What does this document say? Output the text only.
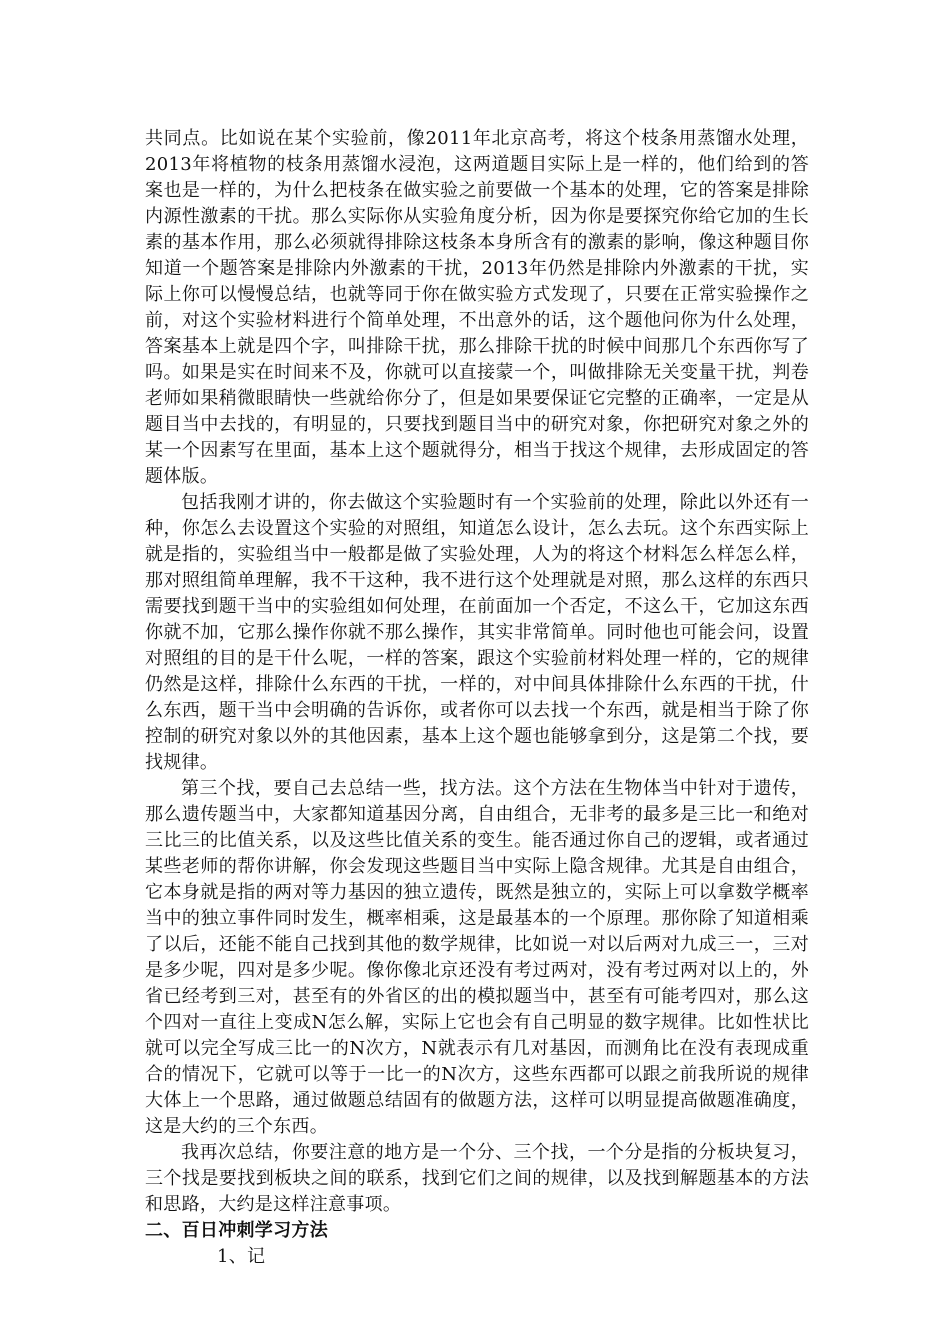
共同点。比如说在某个实验前，像2011年北京高考，将这个枝条用蒸馏水处理，2013年将植物的枝条用蒸馏水浸泡，这两道题目实际上是一样的，他们给到的答案也是一样的，为什么把枝条在做实验之前要做一个基本的处理，它的答案是排除内源性激素的干扰。那么实际你从实验角度分析，因为你是要探究你给它加的生长素的基本作用，那么必须就得排除这枝条本身所含有的激素的影响，像这种题目你知道一个题答案是排除内外激素的干扰，2013年仍然是排除内外激素的干扰，实际上你可以慢慢总结，也就等同于你在做实验方式发现了，只要在正常实验操作之前，对这个实验材料进行个简单处理，不出意外的话，这个题他问你为什么处理，答案基本上就是四个字，叫排除干扰，那么排除干扰的时候中间那几个东西你写了吗。如果是实在时间来不及，你就可以直接蒙一个，叫做排除无关变量干扰，判卷老师如果稍微眼睛快一些就给你分了，但是如果要保证它完整的正确率，一定是从题目当中去找的，有明显的，只要找到题目当中的研究对象，你把研究对象之外的某一个因素写在里面，基本上这个题就得分，相当于找这个规律，去形成固定的答题体版。

包括我刚才讲的，你去做这个实验题时有一个实验前的处理，除此以外还有一种，你怎么去设置这个实验的对照组，知道怎么设计，怎么去玩。这个东西实际上就是指的，实验组当中一般都是做了实验处理，人为的将这个材料怎么样怎么样，那对照组简单理解，我不干这种，我不进行这个处理就是对照，那么这样的东西只需要找到题干当中的实验组如何处理，在前面加一个否定，不这么干，它加这东西你就不加，它那么操作你就不那么操作，其实非常简单。同时他也可能会问，设置对照组的目的是干什么呢，一样的答案，跟这个实验前材料处理一样的，它的规律仍然是这样，排除什么东西的干扰，一样的，对中间具体排除什么东西的干扰，什么东西，题干当中会明确的告诉你，或者你可以去找一个东西，就是相当于除了你控制的研究对象以外的其他因素，基本上这个题也能够拿到分，这是第二个找，要找规律。

第三个找，要自己去总结一些，找方法。这个方法在生物体当中针对于遗传，那么遗传题当中，大家都知道基因分离，自由组合，无非考的最多是三比一和绝对三比三的比值关系，以及这些比值关系的变生。能否通过你自己的逻辑，或者通过某些老师的帮你讲解，你会发现这些题目当中实际上隐含规律。尤其是自由组合，它本身就是指的两对等力基因的独立遗传，既然是独立的，实际上可以拿数学概率当中的独立事件同时发生，概率相乘，这是最基本的一个原理。那你除了知道相乘了以后，还能不能自己找到其他的数学规律，比如说一对以后两对九成三一，三对是多少呢，四对是多少呢。像你像北京还没有考过两对，没有考过两对以上的，外省已经考到三对，甚至有的外省区的出的模拟题当中，甚至有可能考四对，那么这个四对一直往上变成N怎么解，实际上它也会有自己明显的数字规律。比如性状比就可以完全写成三比一的N次方，N就表示有几对基因，而测角比在没有表现成重合的情况下，它就可以等于一比一的N次方，这些东西都可以跟之前我所说的规律大体上一个思路，通过做题总结固有的做题方法，这样可以明显提高做题准确度，这是大约的三个东西。

我再次总结，你要注意的地方是一个分、三个找，一个分是指的分板块复习，三个找是要找到板块之间的联系，找到它们之间的规律，以及找到解题基本的方法和思路，大约是这样注意事项。

二、百日冲刺学习方法
1、记
